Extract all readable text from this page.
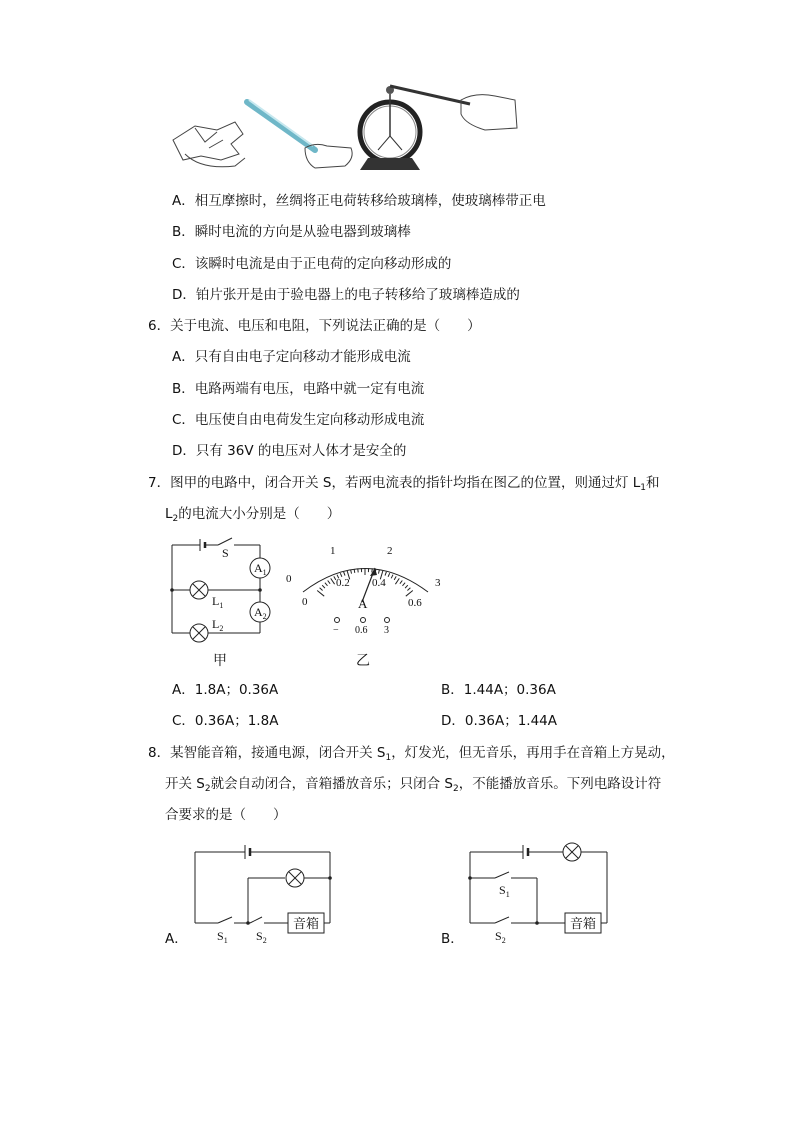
A．相互摩擦时，丝绸将正电荷转移给玻璃棒，使玻璃棒带正电
B．瞬时电流的方向是从验电器到玻璃棒
C．该瞬时电流是由于正电荷的定向移动形成的
D．铂片张开是由于验电器上的电子转移给了玻璃棒造成的
6．关于电流、电压和电阻，下列说法正确的是（　　）
A．只有自由电子定向移动才能形成电流
B．电路两端有电压，电路中就一定有电流
C．电压使自由电荷发生定向移动形成电流
D．只有 36V 的电压对人体才是安全的
7．图甲的电路中，闭合开关 S，若两电流表的指针均指在图乙的位置，则通过灯 $L_1$和
$L_2$的电流大小分别是（　　）
S
$A_1$
$A_2$
$L_1$
$L_2$
甲
0
1	2
3
0
0.2 0.4
0.6
A
− 0.6 3
乙
A．1.8A；0.36A	B．1.44A；0.36A
C．0.36A；1.8A	D．0.36A；1.44A
8．某智能音箱，接通电源，闭合开关 $S_1$，灯发光，但无音乐，再用手在音箱上方晃动，
开关 $S_2$就会自动闭合，音箱播放音乐；只闭合 $S_2$，不能播放音乐。下列电路设计符
合要求的是（　　）
A．
音箱
$S_1$ $S_2$	B．
音箱
$S_1$
$S_2$
